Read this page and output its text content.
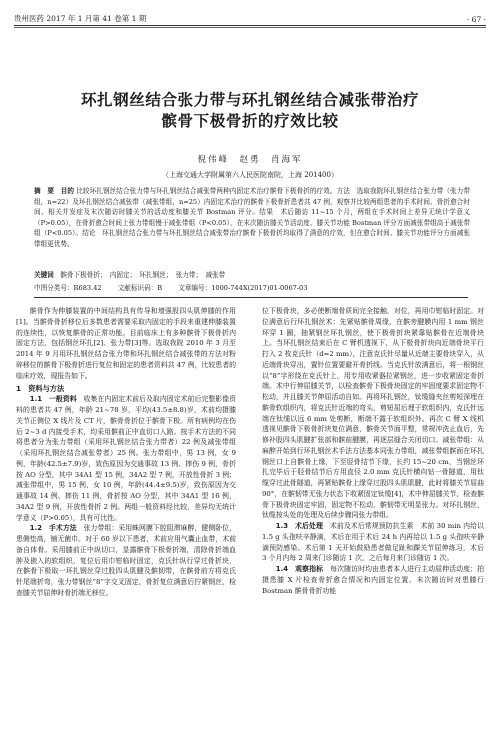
贵州医药 2017 年 1 月第 41 卷第 1 期	· 67 ·
环扎钢丝结合张力带与环扎钢丝结合减张带治疗
髌骨下极骨折的疗效比较
倪伟峰　赵勇　肖海军
（上海交通大学附属第六人民医院南院，上海 201400）
摘　要　目的 比较环扎钢丝结合张力带与环扎钢丝结合减张带两种内固定术治疗髌骨下极骨折的疗效。方法　选取我院环扎钢丝结合张力带（张力带组，n=22）及环扎钢丝结合减张带（减张带组，n=25）内固定术治疗的髌骨下极骨折患者共 47 例，观察并比较两组患者的手术时间、骨折愈合时间、相关并发症及末次随访时膝关节的活动度和膝关节 Bostman 评分。结果　术后随访 11~15 个月，两组在手术时间上差异无统计学意义（P>0.05），在骨折愈合时间上张力带组慢于减张带组（P<0.05），在末次随访膝关节活动度、膝关节功能 Bostman 评分方面减张带组高于减张带组（P<0.05）。结论　环扎钢丝结合张力带与环扎钢丝结合减张带治疗髌骨下极骨折均取得了满意的疗效，但在愈合时间、膝关节功能评分方面减张带组更优势。
关键词　 髌骨下极骨折；　内固定；　环扎钢丝；　张力带；　减张带
中图分类号：R683.42 文献标识码：B 文章编号：1000-744X(2017)01-0067-03

髌骨作为伸膝装置的中间结构具有传导和增强股四头肌伸膝的作用[1]。当髌骨骨折移位后多数患者需要采取内固定的手段来重建伸膝装置的连续性，以恢复髌骨的正常功能。目前临床上有多种髌骨下极骨折内固定方法，包括钢丝环扎[2]、张力带[3]等。选取我院 2010 年 3 月至 2014 年 9 月用环扎钢丝结合张力带和环扎钢丝结合减张带的方法对粉碎移位的髌骨下极骨折进行复位和固定的患者资料共 47 例，比较患者的临床疗效，现报告如下。

1　资料与方法

1.1　一般资料　 收集在内固定术前后及取内固定术前后完整影像资料的患者共 47 例，年龄 21~78 岁，平均(43.5±8.8)岁，术前均摄膝关节正侧位 X 线片及 CT 片，髌骨骨折位于髌骨下极。所有病例均在伤后 2~3 d 内接受手术，均采用髌前正中直切口入路。按手术方法的不同将患者分为张力带组（采用环扎钢丝结合张力带者）22 例及减张带组（采用环扎钢丝结合减张带者）25 例。张力带组中，男 13 例，女 9 例，年龄(42.5±7.9)岁，致伤原因为交通事故 13 例、摔伤 9 例，骨折按 AO 分型，其中 34A1 型 15 例，34A2 型 7 例，开放性骨折 3 例；减张带组中，男 15 例，女 10 例，年龄(44.4±9.5)岁，致伤原因为交通事故 14 例、摔伤 11 例，骨折按 AO 分型，其中 34A1 型 16 例，34A2 型 9 例，开放性骨折 2 例。两组一般资料经比较，差异均无统计学意义（P>0.05），具有可比性。

1.2　手术方法　 张力带组：采用蛛网膜下腔阻滞麻醉，健侧卧位，患侧垫高，铺无菌巾。对于 60 岁以下患者，术前应用气囊止血带，术前备自体骨。采用膝前正中纵切口，显露髌骨下极骨折端，清除骨折端血肿及嵌入的软组织，复位后用巾钳临时固定，克氏针纵行穿过骨折块，在髌骨下极取一环扎钢丝穿过股四头肌腱及髌韧带，在髌骨前方将克氏针尾端折弯，张力带钢丝“8”字交叉固定，骨折复位满意后拧紧钢丝，检查膝关节屈伸时骨折端无移位。

位下极骨块，多必使断端骨质间完全接触，对位，再用巾钳临时固定。对位满意后行环扎钢丝术：先紧贴髌骨周缘，在髌旁腱膜内用 1 mm 钢丝环穿 1 圈，抽紧钢丝环扎钢丝，使下极骨折块紧靠贴髌骨在近端骨块上。当环扎钢丝结束后在 C 臂机透视下，从下极骨折块向近端骨块平行打入 2 枚克氏针（d=2 mm），注意克氏针尽量从近端主要骨块穿入，从近端骨块穿出，置针位置要避开骨折线。当克氏针放满意后，将一根钢丝以“8”字形绕在克氏针上，用专用收紧器拉紧钢丝，进一步收紧固定骨折端。术中行伸屈膝关节，以检查髌骨下极骨块固定的牢固度要求固定物不松动，并且膝关节伸屈活动自如。再将环扎钢丝，钛缆缝夹丝剪短深埋在髌骨软组织内，将克氏针近端的弯头，剪短屈后埋于软组织内，克氏针远端在钛缆以远 6 mm 处剪断，断端不露于软组织外。再次 C 臂 X 线机透视见髌骨下极骨折块复位满意，髌骨关节面平整，常规冲洗止血后，先修补股四头肌腱扩张部和髌前腱膜，再逐层缝合关闭切口。减张带组：从麻醉开始到行环扎钢丝术手法方法基本同张力带组，减张带组髌面在环扎钢丝口上自髌骨上缘，下至胫骨结节下缘，长约 15~20 cm，当钢丝环扎完毕后于胫骨结节后方用直径 2.0 mm 克氏针横向钻一骨隧道，用钛缆穿过此骨隧道，再紧贴髌骨上缘穿过股四头肌肌腱，此时将膝关节屈曲 90°，在髌韧带无张力状态下收紧固定钛缆[4]，术中伸屈膝关节，检查髌骨下极骨块固定牢固，固定物不松动，髌韧带无明显张力。对环扎钢丝，钛缆按头处的处理及后续步骤同张力带组。

1.3　术后处理　 术前及术后常规预防抗生素　术前 30 min 内给以 1.5 g 头孢呋辛静滴，术后在用于术后 24 h 内再给以 1.5 g 头孢呋辛静滴预防感染。术后第 1 天开始鼓励患者做足趾和踝关节屈伸练习，术后 3 个月内每 2 周来门诊随访 1 次，之后每月来门诊随访 1 次。

1.4　观察指标　 每次随访时均由患者本人进行主动屈伸活动度；拍摄患膝 X 片检查骨折愈合情况和内固定位置。末次随访时对患膝行 Bostman 髌骨骨折功能
